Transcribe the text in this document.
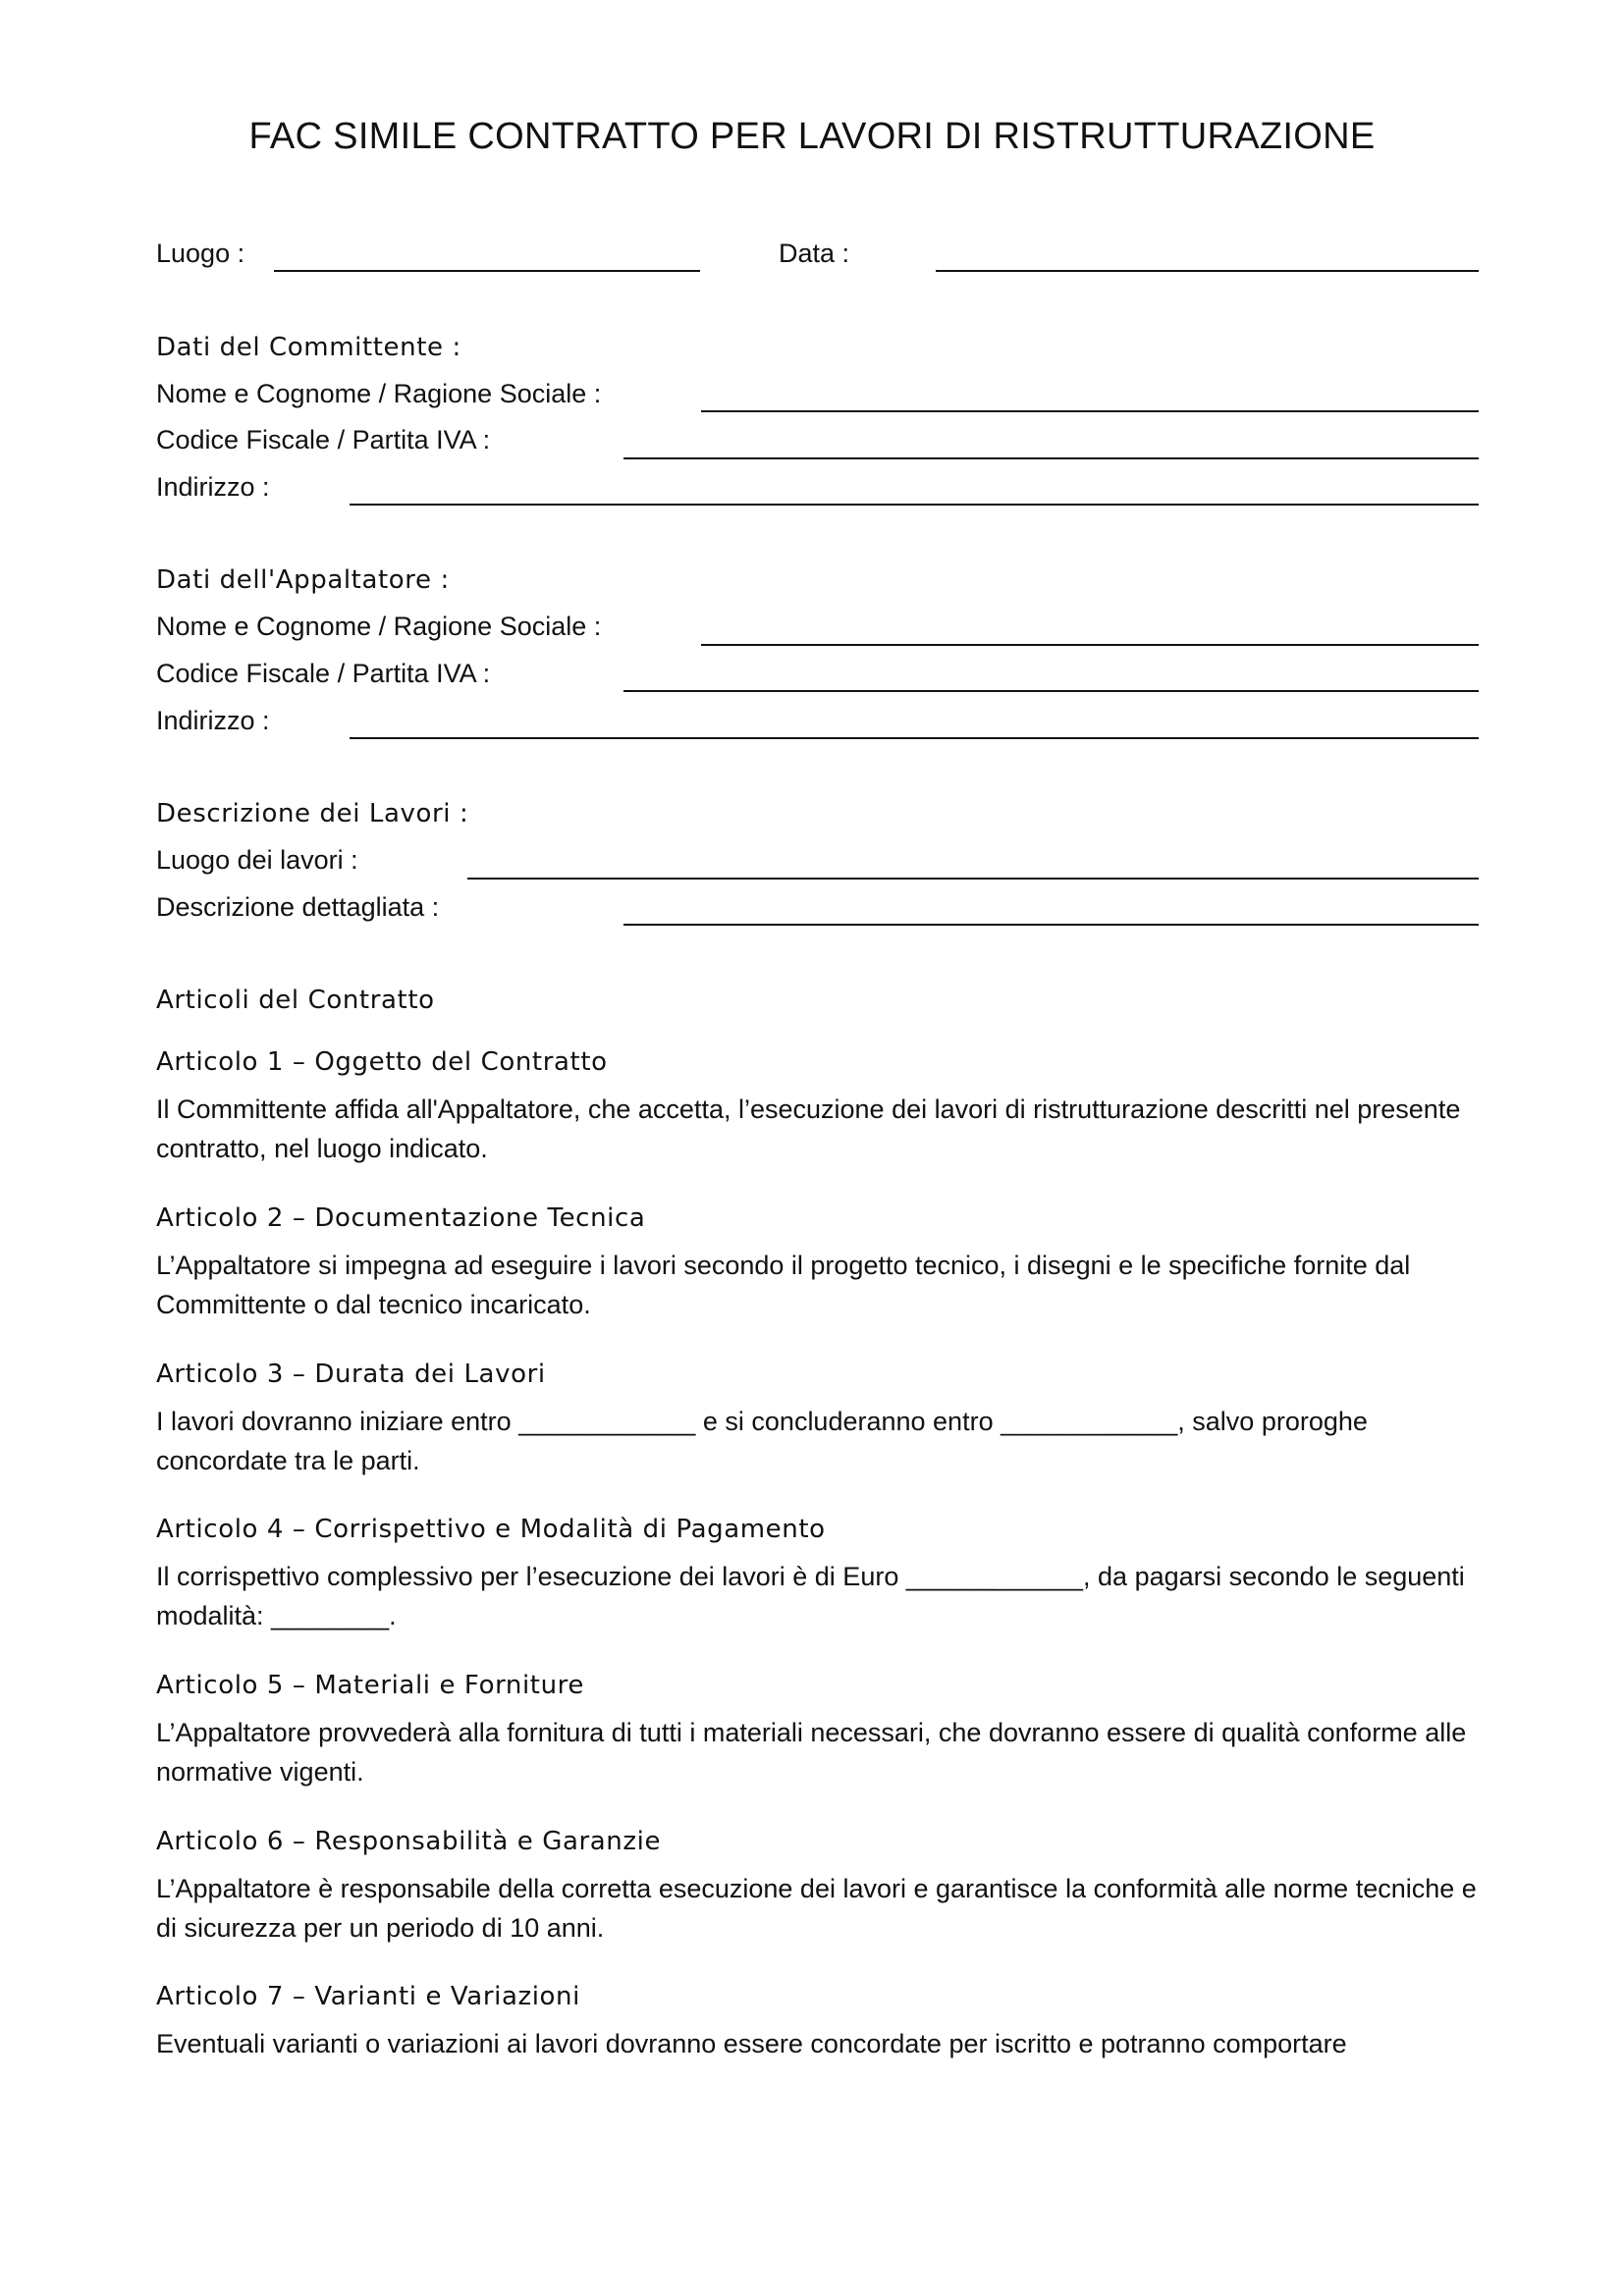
FAC SIMILE CONTRATTO PER LAVORI DI RISTRUTTURAZIONE
Luogo :	Data :
Dati del Committente :
Nome e Cognome / Ragione Sociale :
Codice Fiscale / Partita IVA :
Indirizzo :
Dati dell'Appaltatore :
Nome e Cognome / Ragione Sociale :
Codice Fiscale / Partita IVA :
Indirizzo :
Descrizione dei Lavori :
Luogo dei lavori :
Descrizione dettagliata :
Articoli del Contratto
Articolo 1 – Oggetto del Contratto
Il Committente affida all'Appaltatore, che accetta, l’esecuzione dei lavori di ristrutturazione descritti nel presente contratto, nel luogo indicato.
Articolo 2 – Documentazione Tecnica
L’Appaltatore si impegna ad eseguire i lavori secondo il progetto tecnico, i disegni e le specifiche fornite dal Committente o dal tecnico incaricato.
Articolo 3 – Durata dei Lavori
I lavori dovranno iniziare entro ____________ e si concluderanno entro ____________, salvo proroghe concordate tra le parti.
Articolo 4 – Corrispettivo e Modalità di Pagamento
Il corrispettivo complessivo per l’esecuzione dei lavori è di Euro ____________, da pagarsi secondo le seguenti modalità: ________.
Articolo 5 – Materiali e Forniture
L’Appaltatore provvederà alla fornitura di tutti i materiali necessari, che dovranno essere di qualità conforme alle normative vigenti.
Articolo 6 – Responsabilità e Garanzie
L’Appaltatore è responsabile della corretta esecuzione dei lavori e garantisce la conformità alle norme tecniche e di sicurezza per un periodo di 10 anni.
Articolo 7 – Varianti e Variazioni
Eventuali varianti o variazioni ai lavori dovranno essere concordate per iscritto e potranno comportare
